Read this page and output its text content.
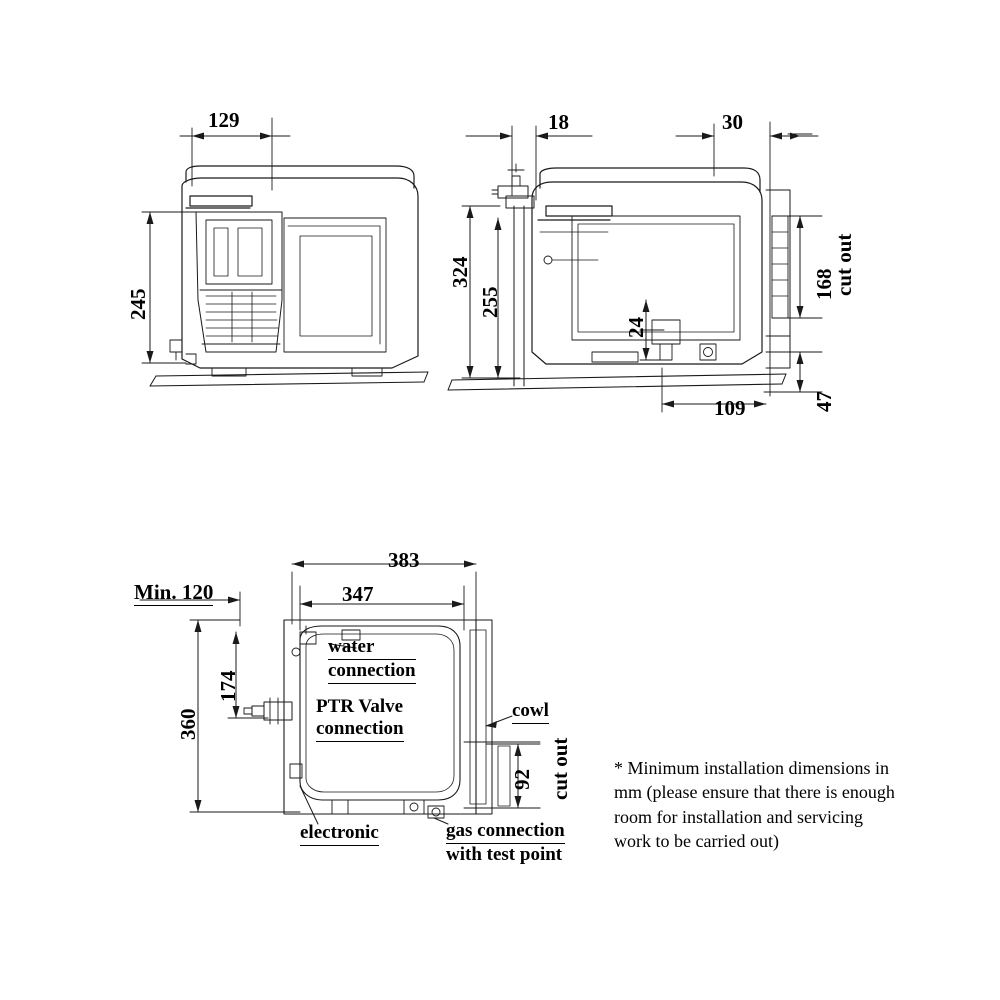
129
245
18	30
324
255
24
168
cut out
47
109
383
347
Min. 120
360
174
92 cut out
water
connection
PTR Valve
connection
cowl
electronic	gas connection
with test point
* Minimum installation dimensions in mm (please ensure that there is enough room for installation and servicing work to be carried out)
